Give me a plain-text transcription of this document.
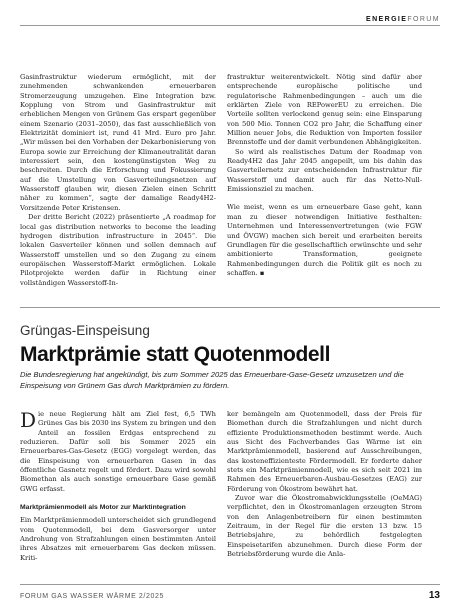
ENERGIEFORUM

Gasinfrastruktur wiederum ermöglicht, mit der zunehmenden schwankenden erneuerbaren Stromerzeugung umzugehen. Eine Integration bzw. Kopplung von Strom und Gasinfrastruktur mit erheblichen Mengen von Grünem Gas erspart gegenüber einem Szenario (2031–2050), das fast ausschließlich von Elektrizität dominiert ist, rund 41 Mrd. Euro pro Jahr. „Wir müssen bei den Vorhaben der Dekarbonisierung von Europa sowie zur Erreichung der Klimaneutralität daran interessiert sein, den kostengünstigsten Weg zu beschreiten. Durch die Erforschung und Fokussierung auf die Umstellung von Gasverteilungsnetzen auf Wasserstoff glauben wir, diesen Zielen einen Schritt näher zu kommen“, sagte der damalige Ready4H2-Vorsitzende Peter Kristensen.

Der dritte Bericht (2022) präsentierte „A roadmap for local gas distribution networks to become the leading hydrogen distribution infrastructure in 2045“. Die lokalen Gasverteiler können und sollen demnach auf Wasserstoff umstellen und so den Zugang zu einem europäischen Wasserstoff-Markt ermöglichen. Lokale Pilotprojekte werden dafür in Richtung einer vollständigen Wasserstoff-In-

frastruktur weiterentwickelt. Nötig sind dafür aber entsprechende europäische politische und regulatorische Rahmenbedingungen – auch um die erklärten Ziele von REPowerEU zu erreichen. Die Vorteile sollten verlockend genug sein: eine Einsparung von 500 Mio. Tonnen CO2 pro Jahr, die Schaffung einer Million neuer Jobs, die Reduktion von Importen fossiler Brennstoffe und der damit verbundenen Abhängigkeiten.

So wird als realistisches Datum der Roadmap von Ready4H2 das Jahr 2045 angepeilt, um bis dahin das Gasverteilernetz zur entscheidenden Infrastruktur für Wasserstoff und damit auch für das Netto-Null-Emissionsziel zu machen.

Wie meist, wenn es um erneuerbare Gase geht, kann man zu dieser notwendigen Initiative festhalten: Unternehmen und Interessenvertretungen (wie FGW und ÖVGW) machen sich bereit und erarbeiten bereits Grundlagen für die gesellschaftlich erwünschte und sehr ambitionierte Transformation, geeignete Rahmenbedingungen durch die Politik gilt es noch zu schaffen. ▪

Grüngas-Einspeisung
Marktprämie statt Quotenmodell
Die Bundesregierung hat angekündigt, bis zum Sommer 2025 das Erneuerbare-Gase-Gesetz umzusetzen und die Einspeisung von Grünem Gas durch Marktprämien zu fördern.

Die neue Regierung hält am Ziel fest, 6,5 TWh Grünes Gas bis 2030 ins System zu bringen und den Anteil an fossilen Erdgas entsprechend zu reduzieren. Dafür soll bis Sommer 2025 ein Erneuerbares-Gas-Gesetz (EGG) vorgelegt werden, das die Einspeisung von erneuerbaren Gasen in das öffentliche Gasnetz regelt und fördert. Dazu wird sowohl Biomethan als auch sonstige erneuerbare Gase gemäß GWG erfasst.

Marktprämienmodell als Motor zur Marktintegration

Ein Marktprämienmodell unterscheidet sich grundlegend vom Quotenmodell, bei dem Gasversorger unter Androhung von Strafzahlungen einen bestimmten Anteil ihres Absatzes mit erneuerbarem Gas decken müssen. Kriti-

ker bemängeln am Quotenmodell, dass der Preis für Biomethan durch die Strafzahlungen und nicht durch effiziente Produktionsmethoden bestimmt werde. Auch aus Sicht des Fachverbandes Gas Wärme ist ein Marktprämienmodell, basierend auf Ausschreibungen, das kosteneffizienteste Fördermodell. Er forderte daher stets ein Marktprämienmodell, wie es sich seit 2021 im Rahmen des Erneuerbaren-Ausbau-Gesetzes (EAG) zur Förderung von Ökostrom bewährt hat.

Zuvor war die Ökostromabwicklungsstelle (OeMAG) verpflichtet, den in Ökostromanlagen erzeugten Strom von den Anlagenbetreibern für einen bestimmten Zeitraum, in der Regel für die ersten 13 bzw. 15 Betriebsjahre, zu behördlich festgelegten Einspeisetarifen abzunehmen. Durch diese Form der Betriebsförderung wurde die Anla-

FORUM GAS WASSER WÄRME 2/2025	13
